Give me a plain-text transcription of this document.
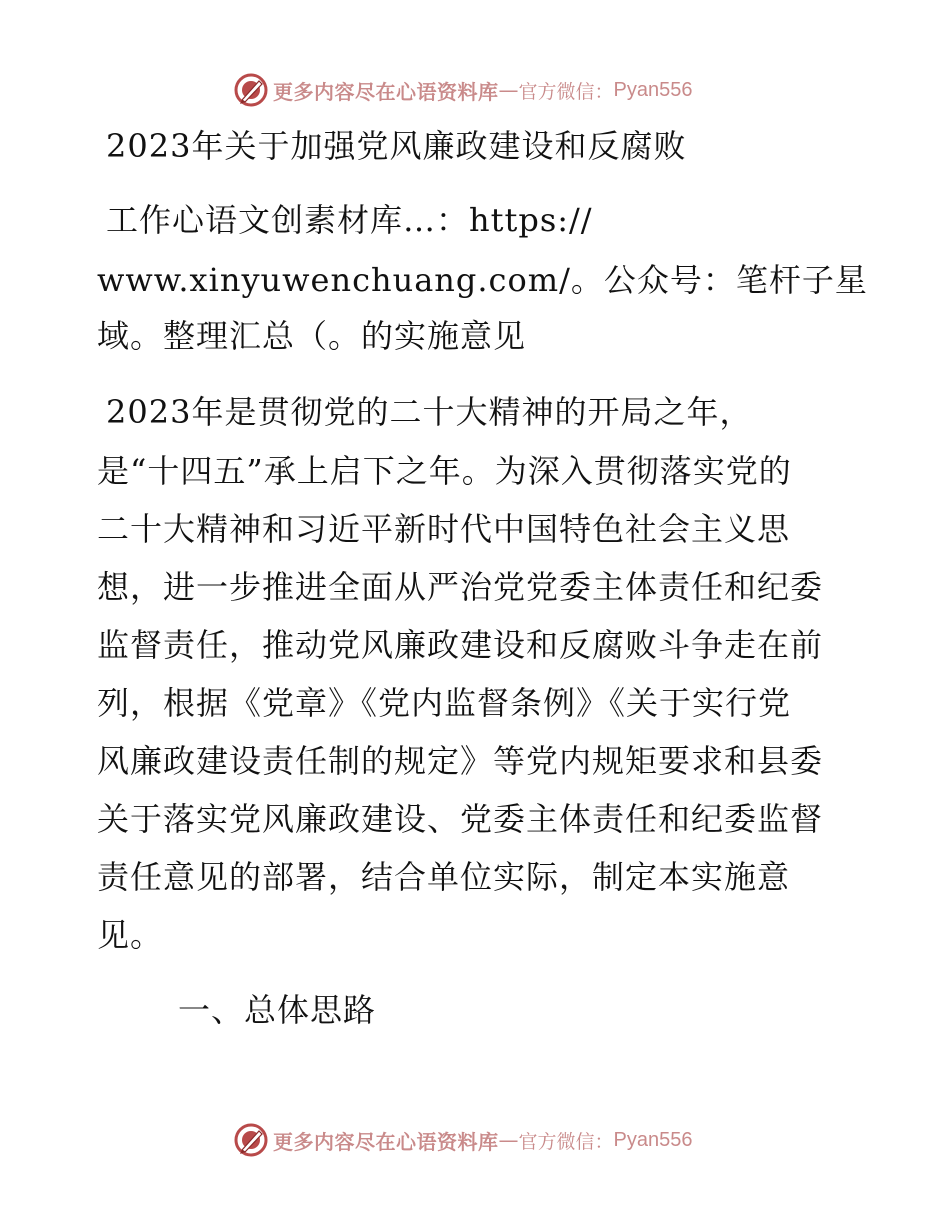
更多内容尽在心语资料库 — 官方微信： Pyan556
2023年关于加强党风廉政建设和反腐败
工作心语文创素材库…：https://
www.xinyuwenchuang.com/。公众号：笔杆子星
域。整理汇总（。的实施意见
2023年是贯彻党的二十大精神的开局之年，
是“十四五”承上启下之年。为深入贯彻落实党的
二十大精神和习近平新时代中国特色社会主义思
想，进一步推进全面从严治党党委主体责任和纪委
监督责任，推动党风廉政建设和反腐败斗争走在前
列，根据《党章》《党内监督条例》《关于实行党
风廉政建设责任制的规定》等党内规矩要求和县委
关于落实党风廉政建设、党委主体责任和纪委监督
责任意见的部署，结合单位实际，制定本实施意
见。
一、总体思路
更多内容尽在心语资料库 — 官方微信： Pyan556
